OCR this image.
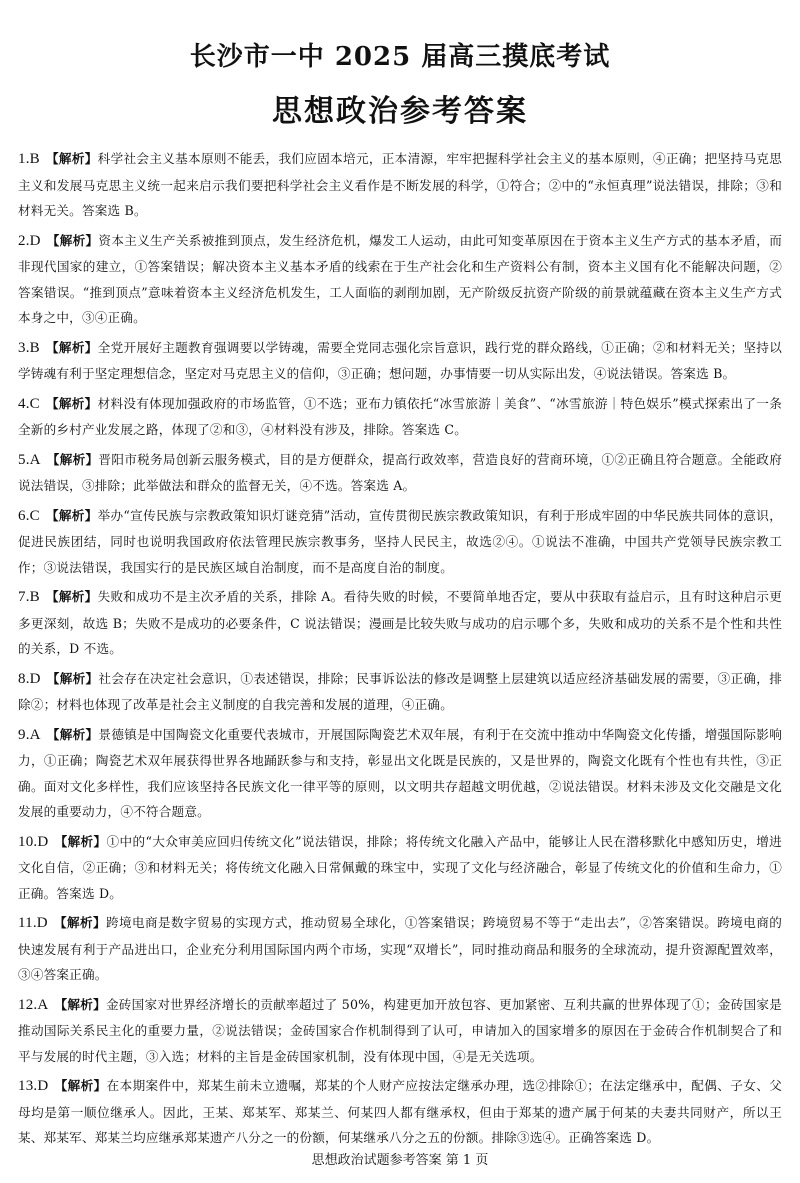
长沙市一中 2025 届高三摸底考试
思想政治参考答案
1.B 【解析】科学社会主义基本原则不能丢，我们应固本培元，正本清源，牢牢把握科学社会主义的基本原则，④正确；把坚持马克思主义和发展马克思主义统一起来启示我们要把科学社会主义看作是不断发展的科学，①符合；②中的“永恒真理”说法错误，排除；③和材料无关。答案选 B。
2.D 【解析】资本主义生产关系被推到顶点，发生经济危机，爆发工人运动，由此可知变革原因在于资本主义生产方式的基本矛盾，而非现代国家的建立，①答案错误；解决资本主义基本矛盾的线索在于生产社会化和生产资料公有制，资本主义国有化不能解决问题，②答案错误。“推到顶点”意味着资本主义经济危机发生，工人面临的剥削加剧，无产阶级反抗资产阶级的前景就蕴藏在资本主义生产方式本身之中，③④正确。
3.B 【解析】全党开展好主题教育强调要以学铸魂，需要全党同志强化宗旨意识，践行党的群众路线，①正确；②和材料无关；坚持以学铸魂有利于坚定理想信念，坚定对马克思主义的信仰，③正确；想问题，办事情要一切从实际出发，④说法错误。答案选 B。
4.C 【解析】材料没有体现加强政府的市场监管，①不选；亚布力镇依托“冰雪旅游｜美食”、“冰雪旅游｜特色娱乐”模式探索出了一条全新的乡村产业发展之路，体现了②和③，④材料没有涉及，排除。答案选 C。
5.A 【解析】晋阳市税务局创新云服务模式，目的是方便群众，提高行政效率，营造良好的营商环境，①②正确且符合题意。全能政府说法错误，③排除；此举做法和群众的监督无关，④不选。答案选 A。
6.C 【解析】举办“宣传民族与宗教政策知识灯谜竞猜”活动，宣传贯彻民族宗教政策知识，有利于形成牢固的中华民族共同体的意识，促进民族团结，同时也说明我国政府依法管理民族宗教事务，坚持人民民主，故选②④。①说法不准确，中国共产党领导民族宗教工作；③说法错误，我国实行的是民族区域自治制度，而不是高度自治的制度。
7.B 【解析】失败和成功不是主次矛盾的关系，排除 A。看待失败的时候，不要简单地否定，要从中获取有益启示，且有时这种启示更多更深刻，故选 B；失败不是成功的必要条件，C 说法错误；漫画是比较失败与成功的启示哪个多，失败和成功的关系不是个性和共性的关系，D 不选。
8.D 【解析】社会存在决定社会意识，①表述错误，排除；民事诉讼法的修改是调整上层建筑以适应经济基础发展的需要，③正确，排除②；材料也体现了改革是社会主义制度的自我完善和发展的道理，④正确。
9.A 【解析】景德镇是中国陶瓷文化重要代表城市，开展国际陶瓷艺术双年展，有利于在交流中推动中华陶瓷文化传播，增强国际影响力，①正确；陶瓷艺术双年展获得世界各地踊跃参与和支持，彰显出文化既是民族的，又是世界的，陶瓷文化既有个性也有共性，③正确。面对文化多样性，我们应该坚持各民族文化一律平等的原则，以文明共存超越文明优越，②说法错误。材料未涉及文化交融是文化发展的重要动力，④不符合题意。
10.D 【解析】①中的“大众审美应回归传统文化”说法错误，排除；将传统文化融入产品中，能够让人民在潜移默化中感知历史，增进文化自信，②正确；③和材料无关；将传统文化融入日常佩戴的珠宝中，实现了文化与经济融合，彰显了传统文化的价值和生命力，①正确。答案选 D。
11.D 【解析】跨境电商是数字贸易的实现方式，推动贸易全球化，①答案错误；跨境贸易不等于“走出去”，②答案错误。跨境电商的快速发展有利于产品进出口，企业充分利用国际国内两个市场，实现“双增长”，同时推动商品和服务的全球流动，提升资源配置效率，③④答案正确。
12.A 【解析】金砖国家对世界经济增长的贡献率超过了 50%，构建更加开放包容、更加紧密、互利共赢的世界体现了①；金砖国家是推动国际关系民主化的重要力量，②说法错误；金砖国家合作机制得到了认可，申请加入的国家增多的原因在于金砖合作机制契合了和平与发展的时代主题，③入选；材料的主旨是金砖国家机制，没有体现中国，④是无关选项。
13.D 【解析】在本期案件中，郑某生前未立遗嘱，郑某的个人财产应按法定继承办理，选②排除①；在法定继承中，配偶、子女、父母均是第一顺位继承人。因此，王某、郑某军、郑某兰、何某四人都有继承权，但由于郑某的遗产属于何某的夫妻共同财产，所以王某、郑某军、郑某兰均应继承郑某遗产八分之一的份额，何某继承八分之五的份额。排除③选④。正确答案选 D。
思想政治试题参考答案 第 1 页
